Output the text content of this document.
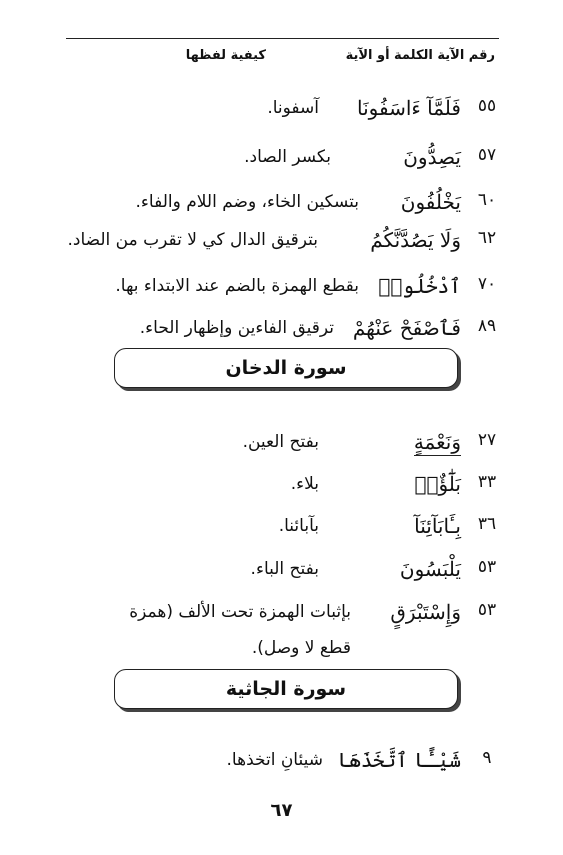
رقم الآية الكلمة أو الآية
كيفية لفظها
٥٥
فَلَمَّآ ءَاسَفُونَا
آسفونا.
٥٧
يَصِدُّونَ
بكسر الصاد.
٦٠
يَخْلُفُونَ
بتسكين الخاء، وضم اللام والفاء.
٦٢
وَلَا يَصُدَّنَّكُمُ
بترقيق الدال كي لا تقرب من الضاد.
٧٠
ٱدْخُلُوا۟
بقطع الهمزة بالضم عند الابتداء بها.
٨٩
فَٱصْفَحْ عَنْهُمْ
ترقيق الفاءين وإظهار الحاء.
سورة الدخان
٢٧
وَنَعْمَةٍ
بفتح العين.
٣٣
بَلَٰٓؤٌا۟
بلاء.
٣٦
بِـَٔابَآئِنَآ
بآبائنا.
٥٣
يَلْبَسُونَ
بفتح الباء.
٥٣
وَإِسْتَبْرَقٍ
بإثبات الهمزة تحت الألف (همزة
قطع لا وصل).
سورة الجاثية
٩
شَيْـًٔا ٱتَّخَذَهَا
شيئانِ اتخذها.
٦٧
